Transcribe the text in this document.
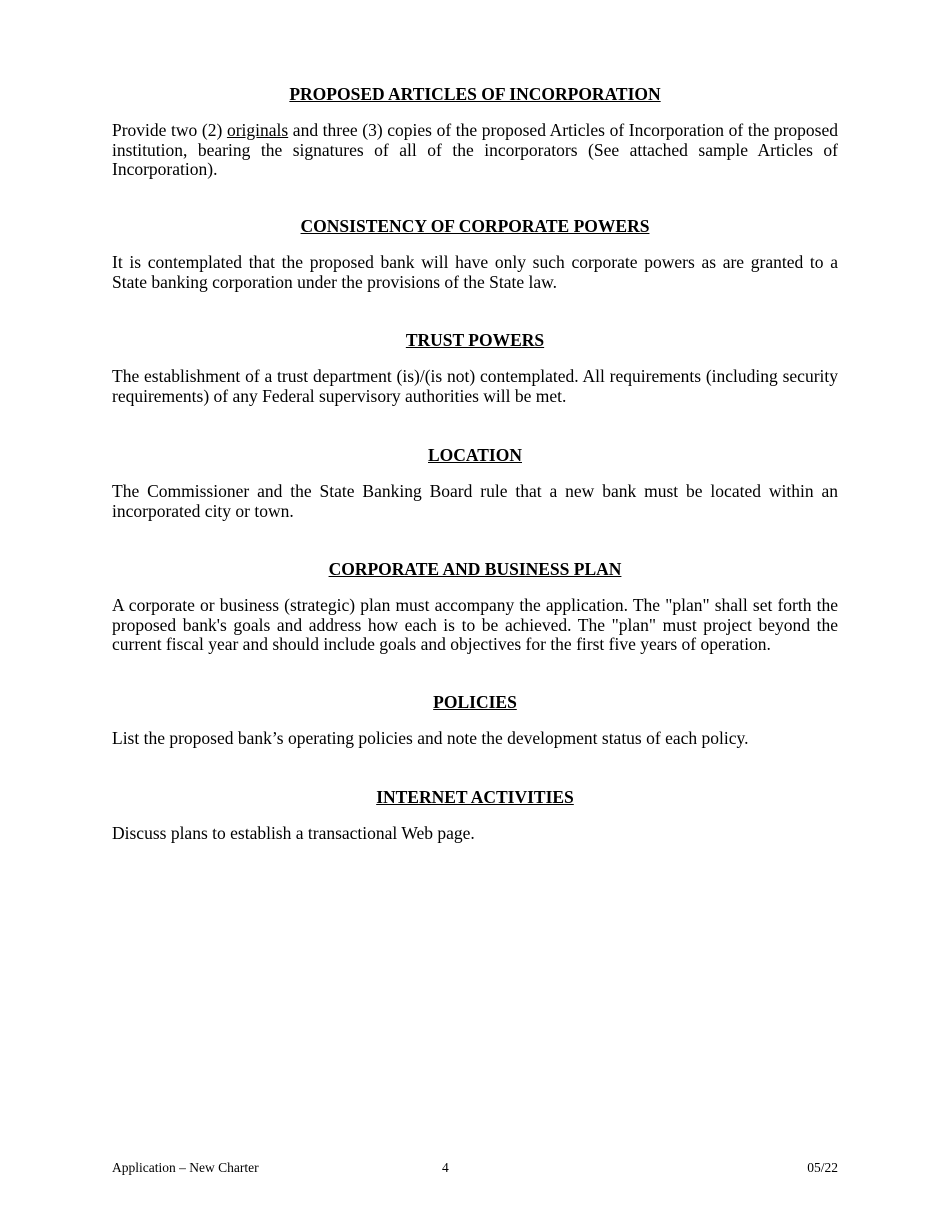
PROPOSED ARTICLES OF INCORPORATION

Provide two (2) originals and three (3) copies of the proposed Articles of Incorporation of the proposed institution, bearing the signatures of all of the incorporators (See attached sample Articles of Incorporation).

CONSISTENCY OF CORPORATE POWERS

It is contemplated that the proposed bank will have only such corporate powers as are granted to a State banking corporation under the provisions of the State law.

TRUST POWERS

The establishment of a trust department (is)/(is not) contemplated. All requirements (including security requirements) of any Federal supervisory authorities will be met.

LOCATION

The Commissioner and the State Banking Board rule that a new bank must be located within an incorporated city or town.

CORPORATE AND BUSINESS PLAN

A corporate or business (strategic) plan must accompany the application. The "plan" shall set forth the proposed bank's goals and address how each is to be achieved. The "plan" must project beyond the current fiscal year and should include goals and objectives for the first five years of operation.

POLICIES

List the proposed bank’s operating policies and note the development status of each policy.

INTERNET ACTIVITIES

Discuss plans to establish a transactional Web page.

Application – New Charter	4	05/22
